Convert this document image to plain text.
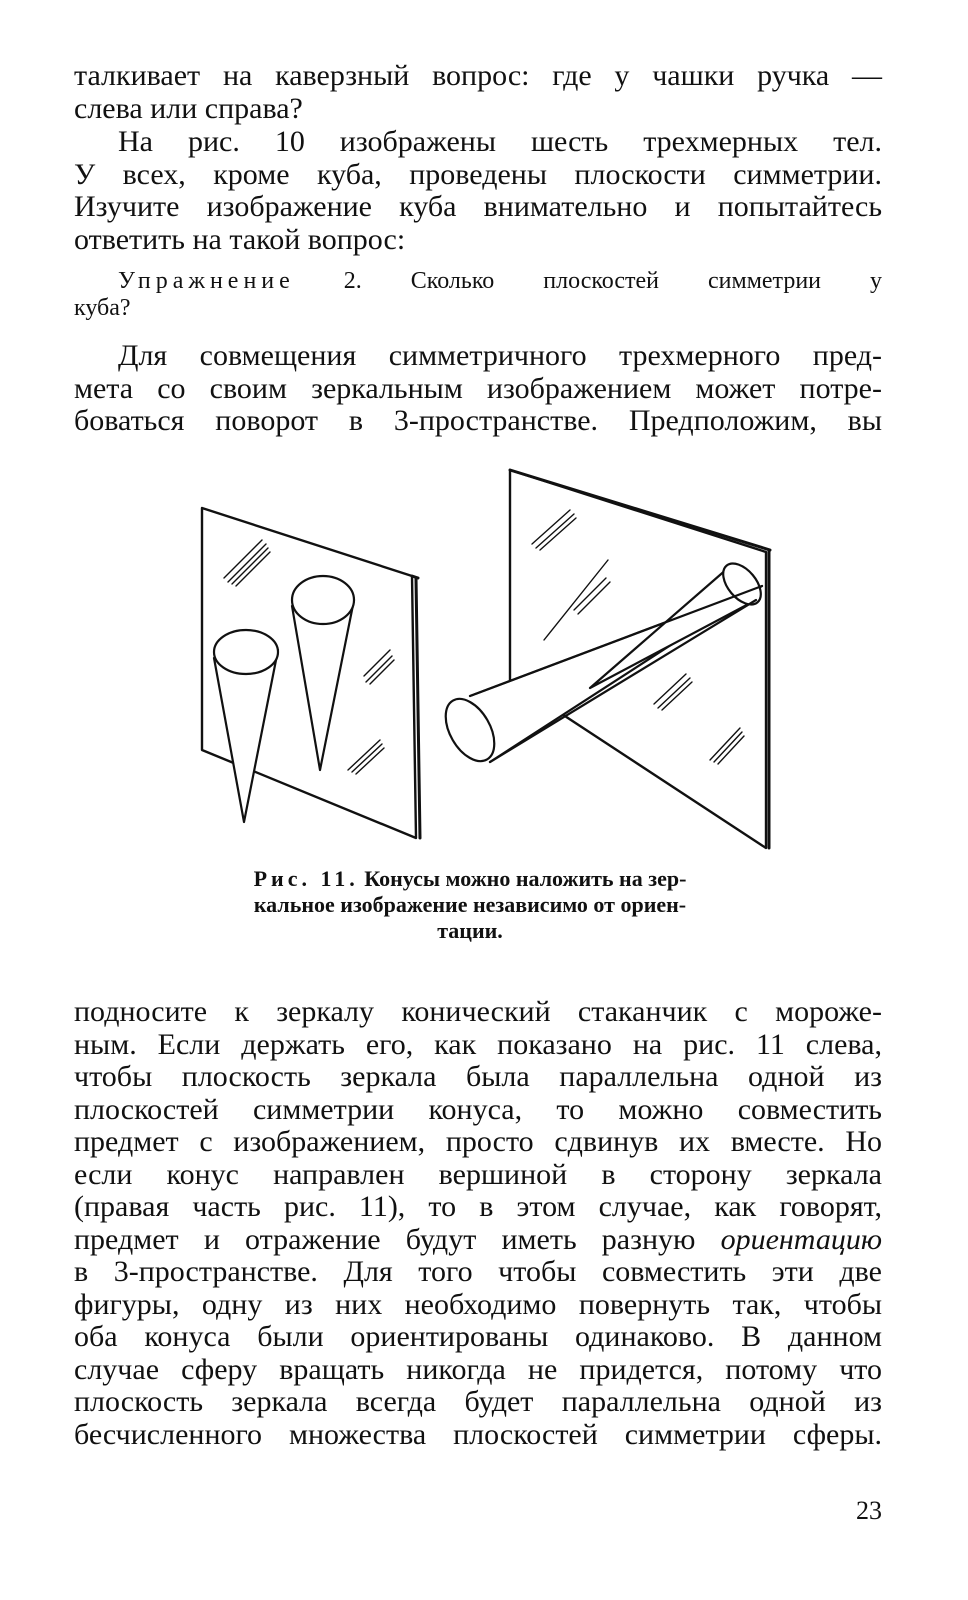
талкивает на каверзный вопрос: где у чашки ручка —
слева или справа?
На рис. 10 изображены шесть трехмерных тел.
У всех, кроме куба, проведены плоскости симметрии.
Изучите изображение куба внимательно и попытайтесь
ответить на такой вопрос:
Упражнение 2. Сколько плоскостей симметрии у
куба?
Для совмещения симметричного трехмерного пред-
мета со своим зеркальным изображением может потре-
боваться поворот в 3-пространстве. Предположим, вы
Рис. 11. Конусы можно наложить на зер-
кальное изображение независимо от ориен-
тации.
подносите к зеркалу конический стаканчик с мороже-
ным. Если держать его, как показано на рис. 11 слева,
чтобы плоскость зеркала была параллельна одной из
плоскостей симметрии конуса, то можно совместить
предмет с изображением, просто сдвинув их вместе. Но
если конус направлен вершиной в сторону зеркала
(правая часть рис. 11), то в этом случае, как говорят,
предмет и отражение будут иметь разную ориентацию
в 3-пространстве. Для того чтобы совместить эти две
фигуры, одну из них необходимо повернуть так, чтобы
оба конуса были ориентированы одинаково. В данном
случае сферу вращать никогда не придется, потому что
плоскость зеркала всегда будет параллельна одной из
бесчисленного множества плоскостей симметрии сферы.
23
